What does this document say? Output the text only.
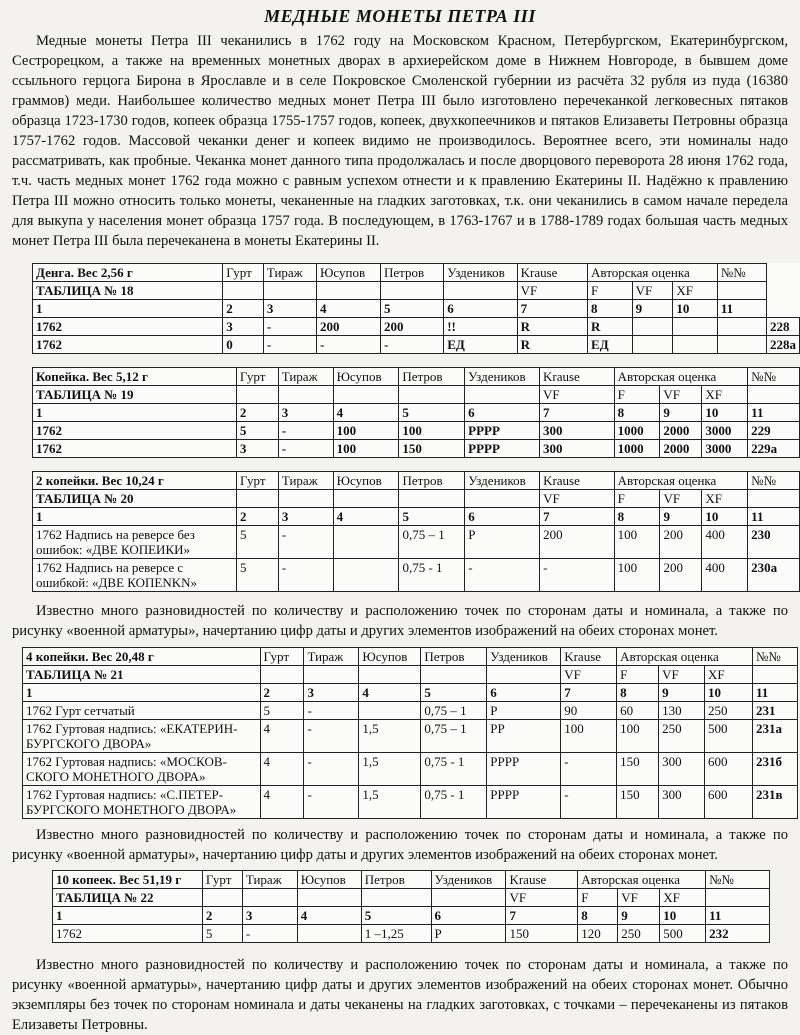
МЕДНЫЕ МОНЕТЫ ПЕТРА III

Медные монеты Петра III чеканились в 1762 году на Московском Красном, Петербургском, Екатеринбургском, Сестрорецком, а также на временных монетных дворах в архиерейском доме в Нижнем Новгороде, в бывшем доме ссыльного герцога Бирона в Ярославле и в селе Покровское Смоленской губернии из расчёта 32 рубля из пуда (16380 граммов) меди. Наибольшее количество медных монет Петра III было изготовлено перечеканкой легковесных пятаков образца 1723-1730 годов, копеек образца 1755-1757 годов, копеек, двухкопеечников и пятаков Елизаветы Петровны образца 1757-1762 годов. Массовой чеканки денег и копеек видимо не производилось. Вероятнее всего, эти номиналы надо рассматривать, как пробные. Чеканка монет данного типа продолжалась и после дворцового переворота 28 июня 1762 года, т.ч. часть медных монет 1762 года можно с равным успехом отнести и к правлению Екатерины II. Надёжно к правлению Петра III можно относить только монеты, чеканенные на гладких заготовках, т.к. они чеканились в самом начале передела для выкупа у населения монет образца 1757 года. В последующем, в 1763-1767 и в 1788-1789 годах большая часть медных монет Петра III была перечеканена в монеты Екатерины II.

Денга. Вес 2,56 г	Гурт	Тираж	Юсупов	Петров	Уздеников	Krause	Авторская оценка			№№	
ТАБЛИЦА № 18						VF	F	VF	XF		
1	2	3	4	5	6	7	8	9	10	11	
1762	3	-	200	200	!!	R	R				228
1762	0	-	-	-	ЕД	R	ЕД				228а
Копейка. Вес 5,12 г	Гурт	Тираж	Юсупов	Петров	Уздеников	Krause	Авторская оценка			№№
ТАБЛИЦА № 19						VF	F	VF	XF	
1	2	3	4	5	6	7	8	9	10	11
1762	5	-	100	100	РРРР	300	1000	2000	3000	229
1762	3	-	100	150	РРРР	300	1000	2000	3000	229а
2 копейки. Вес 10,24 г	Гурт	Тираж	Юсупов	Петров	Уздеников	Krause	Авторская оценка			№№
ТАБЛИЦА № 20						VF	F	VF	XF	
1	2	3	4	5	6	7	8	9	10	11
1762 Надпись на реверсе без ошибок: «ДВЕ КОПЕИКИ»	5	-		0,75 – 1	Р	200	100	200	400	230
1762 Надпись на реверсе с ошибкой: «ДВЕ КОПЕNKN»	5	-		0,75 - 1	-	-	100	200	400	230а

Известно много разновидностей по количеству и расположению точек по сторонам даты и номинала, а также по рисунку «военной арматуры», начертанию цифр даты и других элементов изображений на обеих сторонах монет.

4 копейки. Вес 20,48 г	Гурт	Тираж	Юсупов	Петров	Уздеников	Krause	Авторская оценка			№№
ТАБЛИЦА № 21						VF	F	VF	XF	
1	2	3	4	5	6	7	8	9	10	11
1762 Гурт сетчатый	5	-		0,75 – 1	Р	90	60	130	250	231
1762 Гуртовая надпись: «ЕКАТЕРИН-БУРГСКОГО ДВОРА»	4	-	1,5	0,75 – 1	РР	100	100	250	500	231а
1762 Гуртовая надпись: «МОСКОВ-СКОГО МОНЕТНОГО ДВОРА»	4	-	1,5	0,75 - 1	РРРР	-	150	300	600	231б
1762 Гуртовая надпись: «С.ПЕТЕР-БУРГСКОГО МОНЕТНОГО ДВОРА»	4	-	1,5	0,75 - 1	РРРР	-	150	300	600	231в

Известно много разновидностей по количеству и расположению точек по сторонам даты и номинала, а также по рисунку «военной арматуры», начертанию цифр даты и других элементов изображений на обеих сторонах монет.

10 копеек. Вес 51,19 г	Гурт	Тираж	Юсупов	Петров	Уздеников	Krause	Авторская оценка			№№
ТАБЛИЦА № 22						VF	F	VF	XF	
1	2	3	4	5	6	7	8	9	10	11
1762	5	-		1 –1,25	Р	150	120	250	500	232

Известно много разновидностей по количеству и расположению точек по сторонам даты и номинала, а также по рисунку «военной арматуры», начертанию цифр даты и других элементов изображений на обеих сторонах монет. Обычно экземпляры без точек по сторонам номинала и даты чеканены на гладких заготовках, с точками – перечеканены из пятаков Елизаветы Петровны.
